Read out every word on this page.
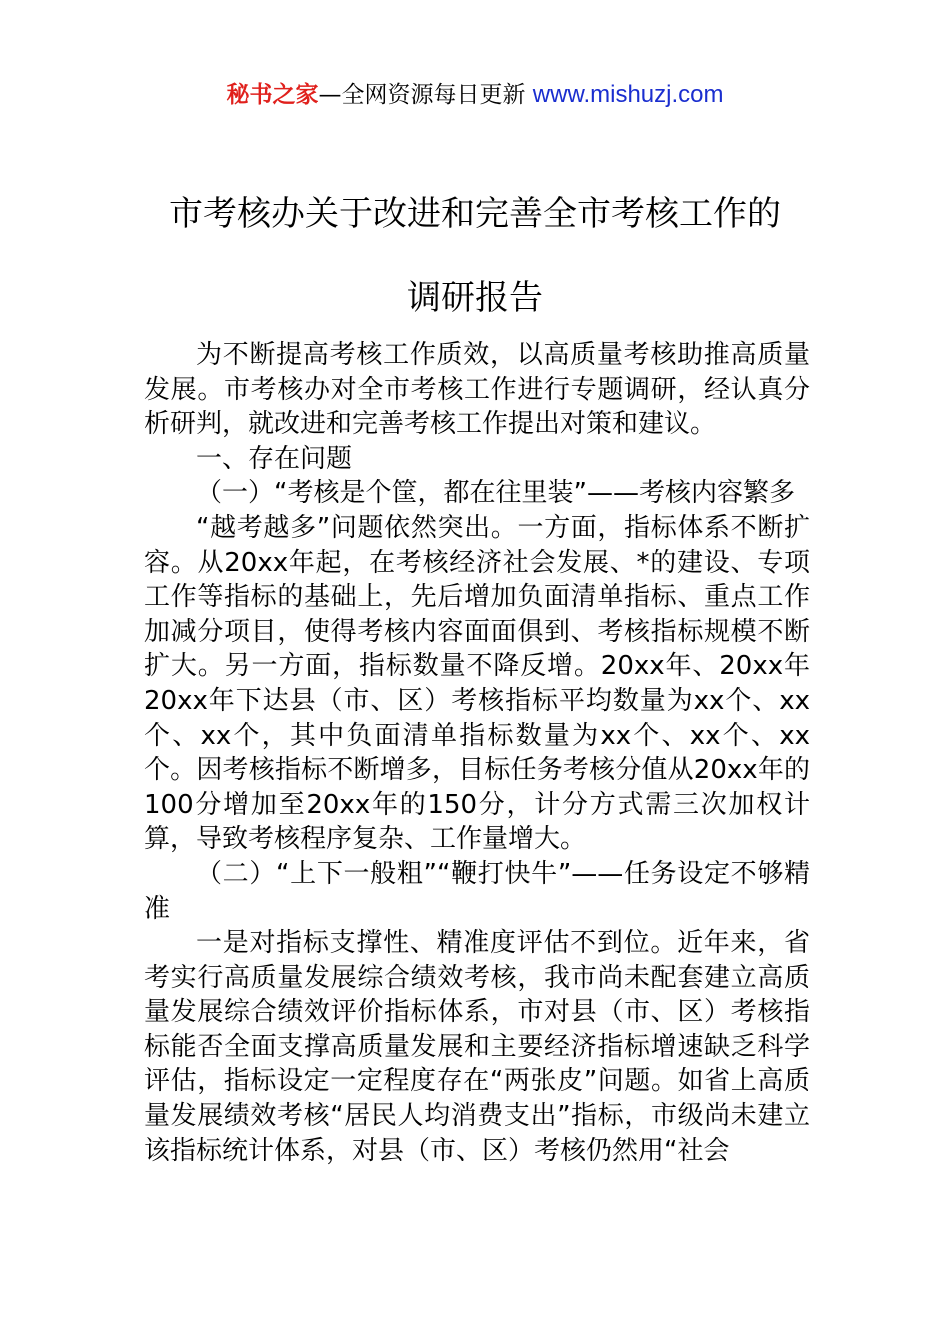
秘书之家—全网资源每日更新 www.mishuzj.com
市考核办关于改进和完善全市考核工作的
调研报告

为不断提高考核工作质效，以高质量考核助推高质量发展。市考核办对全市考核工作进行专题调研，经认真分析研判，就改进和完善考核工作提出对策和建议。

一、存在问题

（一）“考核是个筐，都在往里装”——考核内容繁多

“越考越多”问题依然突出。一方面，指标体系不断扩容。从20xx年起，在考核经济社会发展、*的建设、专项工作等指标的基础上，先后增加负面清单指标、重点工作加减分项目，使得考核内容面面俱到、考核指标规模不断扩大。另一方面，指标数量不降反增。20xx年、20xx年20xx年下达县（市、区）考核指标平均数量为xx个、xx个、xx个，其中负面清单指标数量为xx个、xx个、xx个。因考核指标不断增多，目标任务考核分值从20xx年的100分增加至20xx年的150分，计分方式需三次加权计算，导致考核程序复杂、工作量增大。

（二）“上下一般粗”“鞭打快牛”——任务设定不够精准

一是对指标支撑性、精准度评估不到位。近年来，省考实行高质量发展综合绩效考核，我市尚未配套建立高质量发展综合绩效评价指标体系，市对县（市、区）考核指标能否全面支撑高质量发展和主要经济指标增速缺乏科学评估，指标设定一定程度存在“两张皮”问题。如省上高质量发展绩效考核“居民人均消费支出”指标，市级尚未建立该指标统计体系，对县（市、区）考核仍然用“社会
